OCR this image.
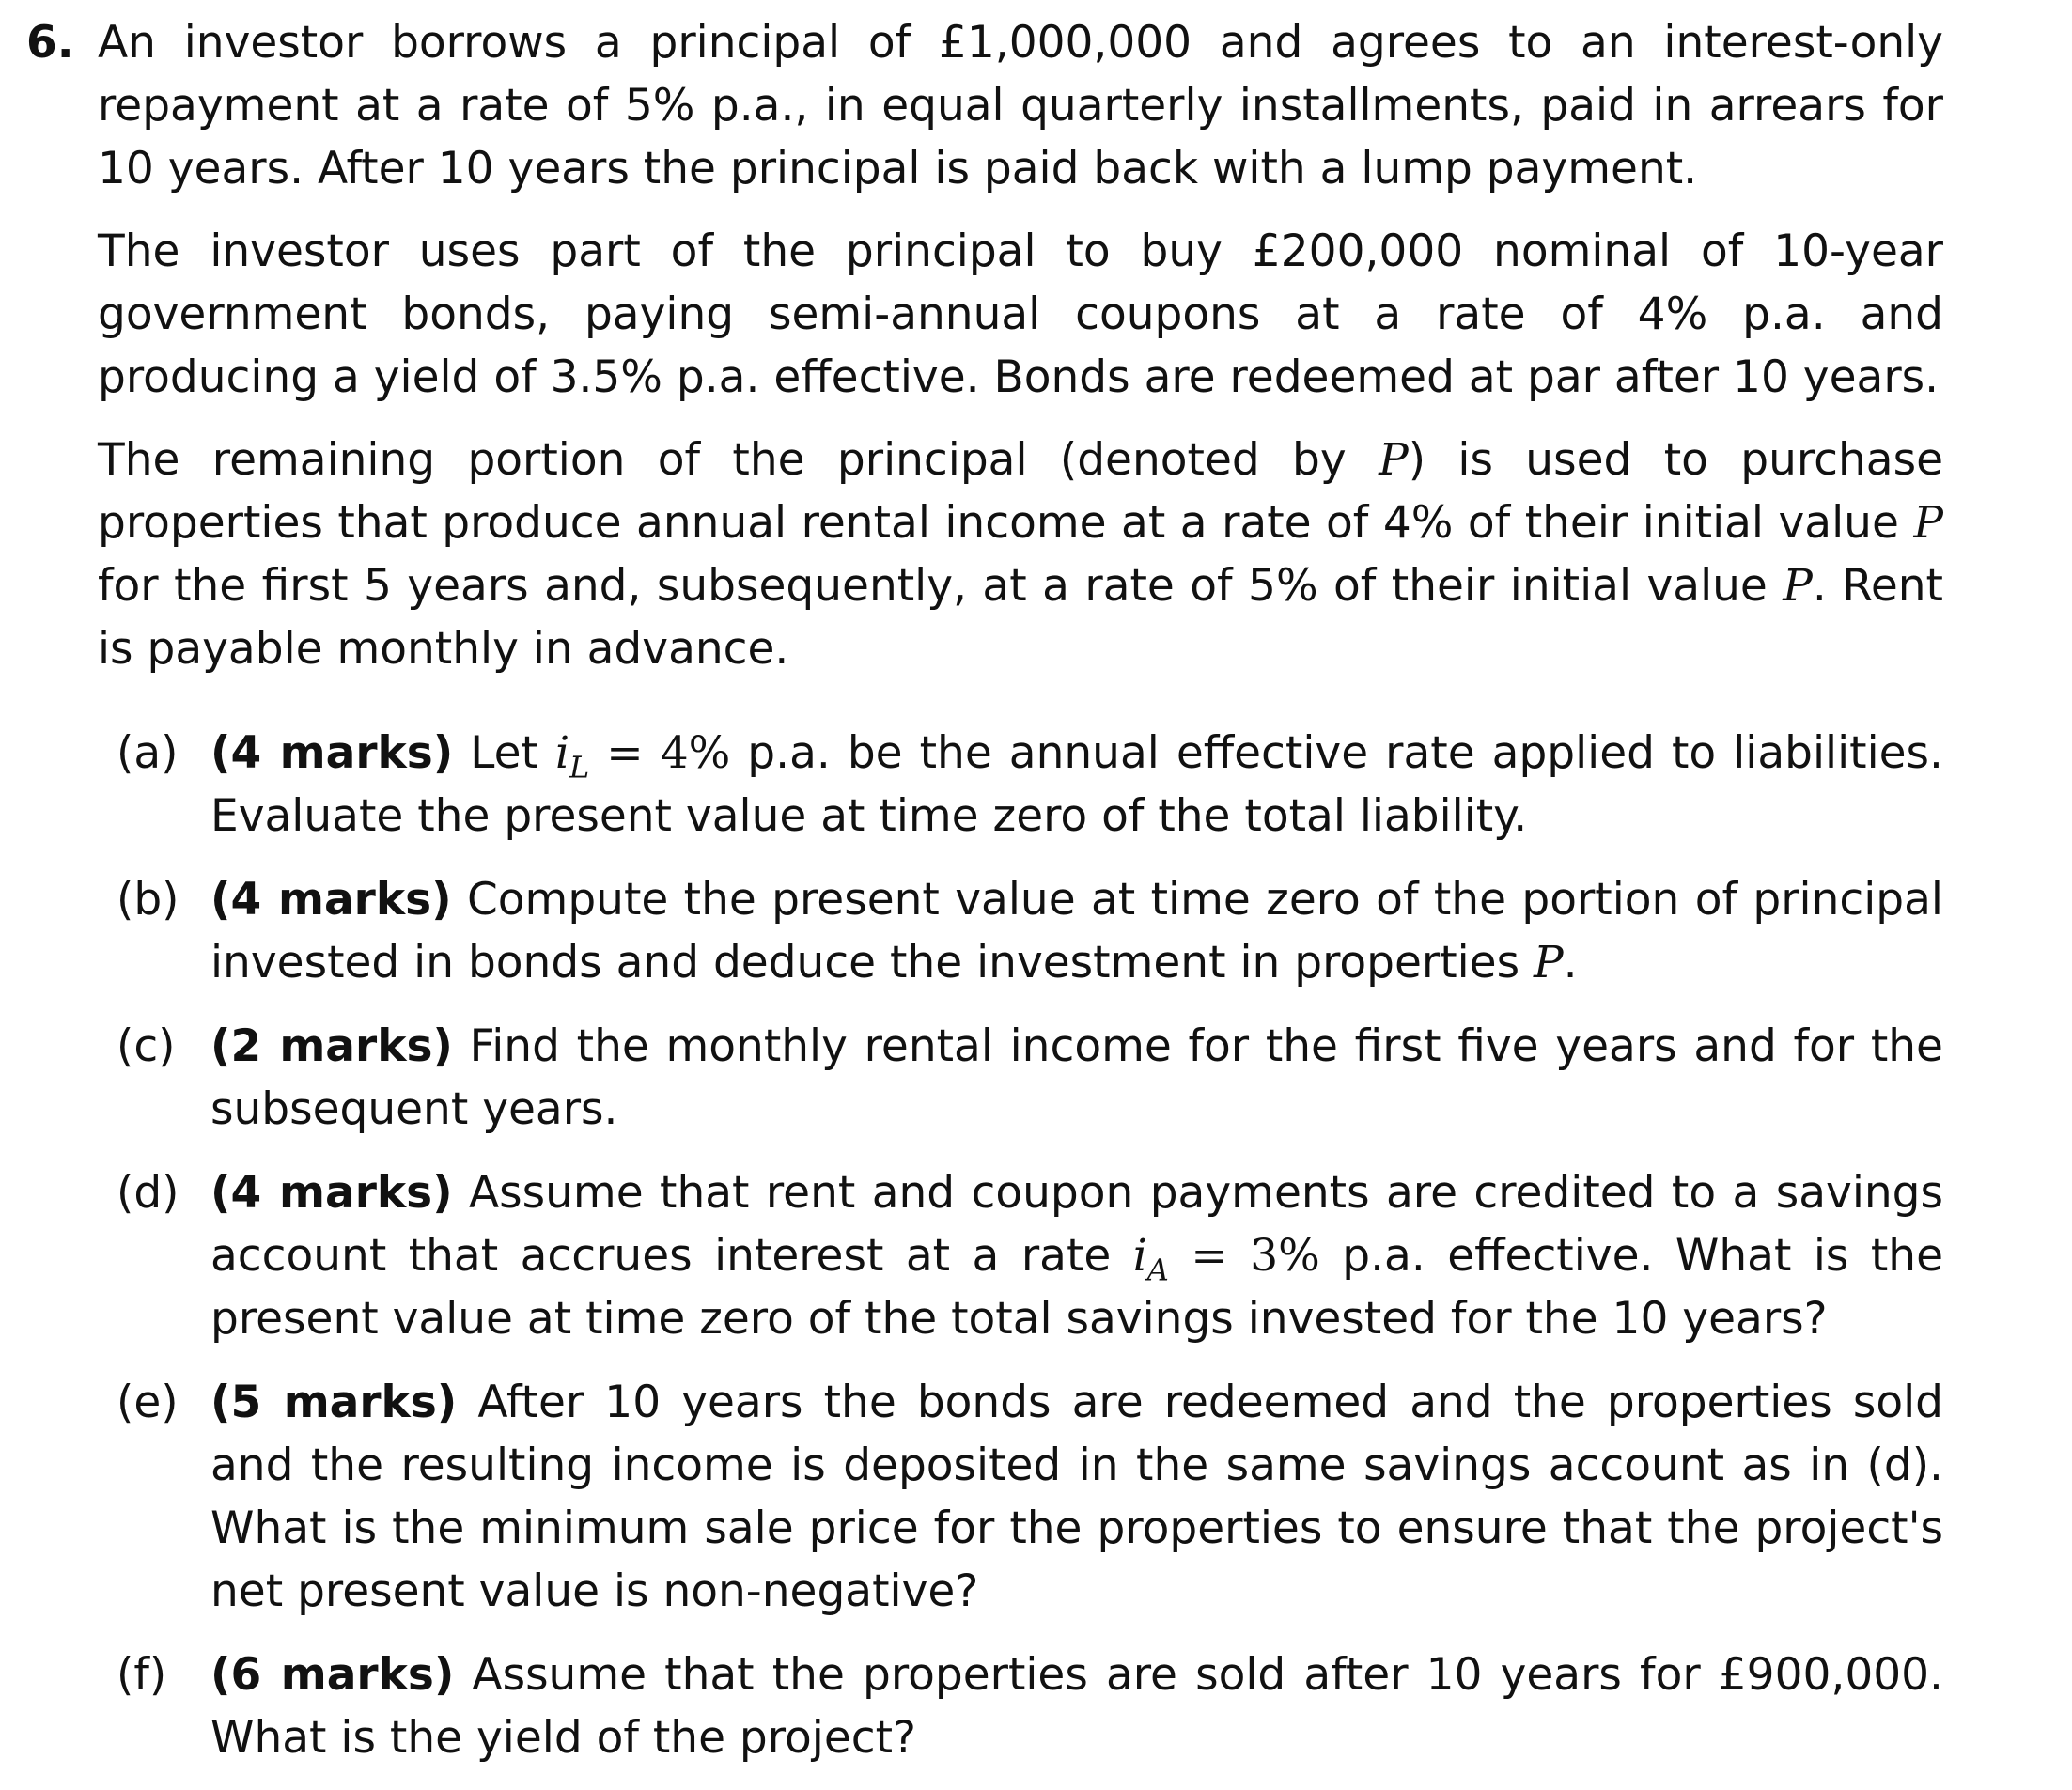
6. An investor borrows a principal of £1,000,000 and agrees to an interest-only repayment at a rate of 5% p.a., in equal quarterly installments, paid in arrears for 10 years. After 10 years the principal is paid back with a lump payment.

The investor uses part of the principal to buy £200,000 nominal of 10-year government bonds, paying semi-annual coupons at a rate of 4% p.a. and producing a yield of 3.5% p.a. effective. Bonds are redeemed at par after 10 years.

The remaining portion of the principal (denoted by P) is used to purchase properties that produce annual rental income at a rate of 4% of their initial value P for the first 5 years and, subsequently, at a rate of 5% of their initial value P. Rent is payable monthly in advance.

(a) (4 marks) Let $i_L = 4\%$ p.a. be the annual effective rate applied to liabilities. Evaluate the present value at time zero of the total liability.
(b) (4 marks) Compute the present value at time zero of the portion of principal invested in bonds and deduce the investment in properties P.
(c) (2 marks) Find the monthly rental income for the first five years and for the subsequent years.
(d) (4 marks) Assume that rent and coupon payments are credited to a savings account that accrues interest at a rate $i_A = 3\%$ p.a. effective. What is the present value at time zero of the total savings invested for the 10 years?
(e) (5 marks) After 10 years the bonds are redeemed and the properties sold and the resulting income is deposited in the same savings account as in (d). What is the minimum sale price for the properties to ensure that the project's net present value is non-negative?
(f) (6 marks) Assume that the properties are sold after 10 years for £900,000. What is the yield of the project?
